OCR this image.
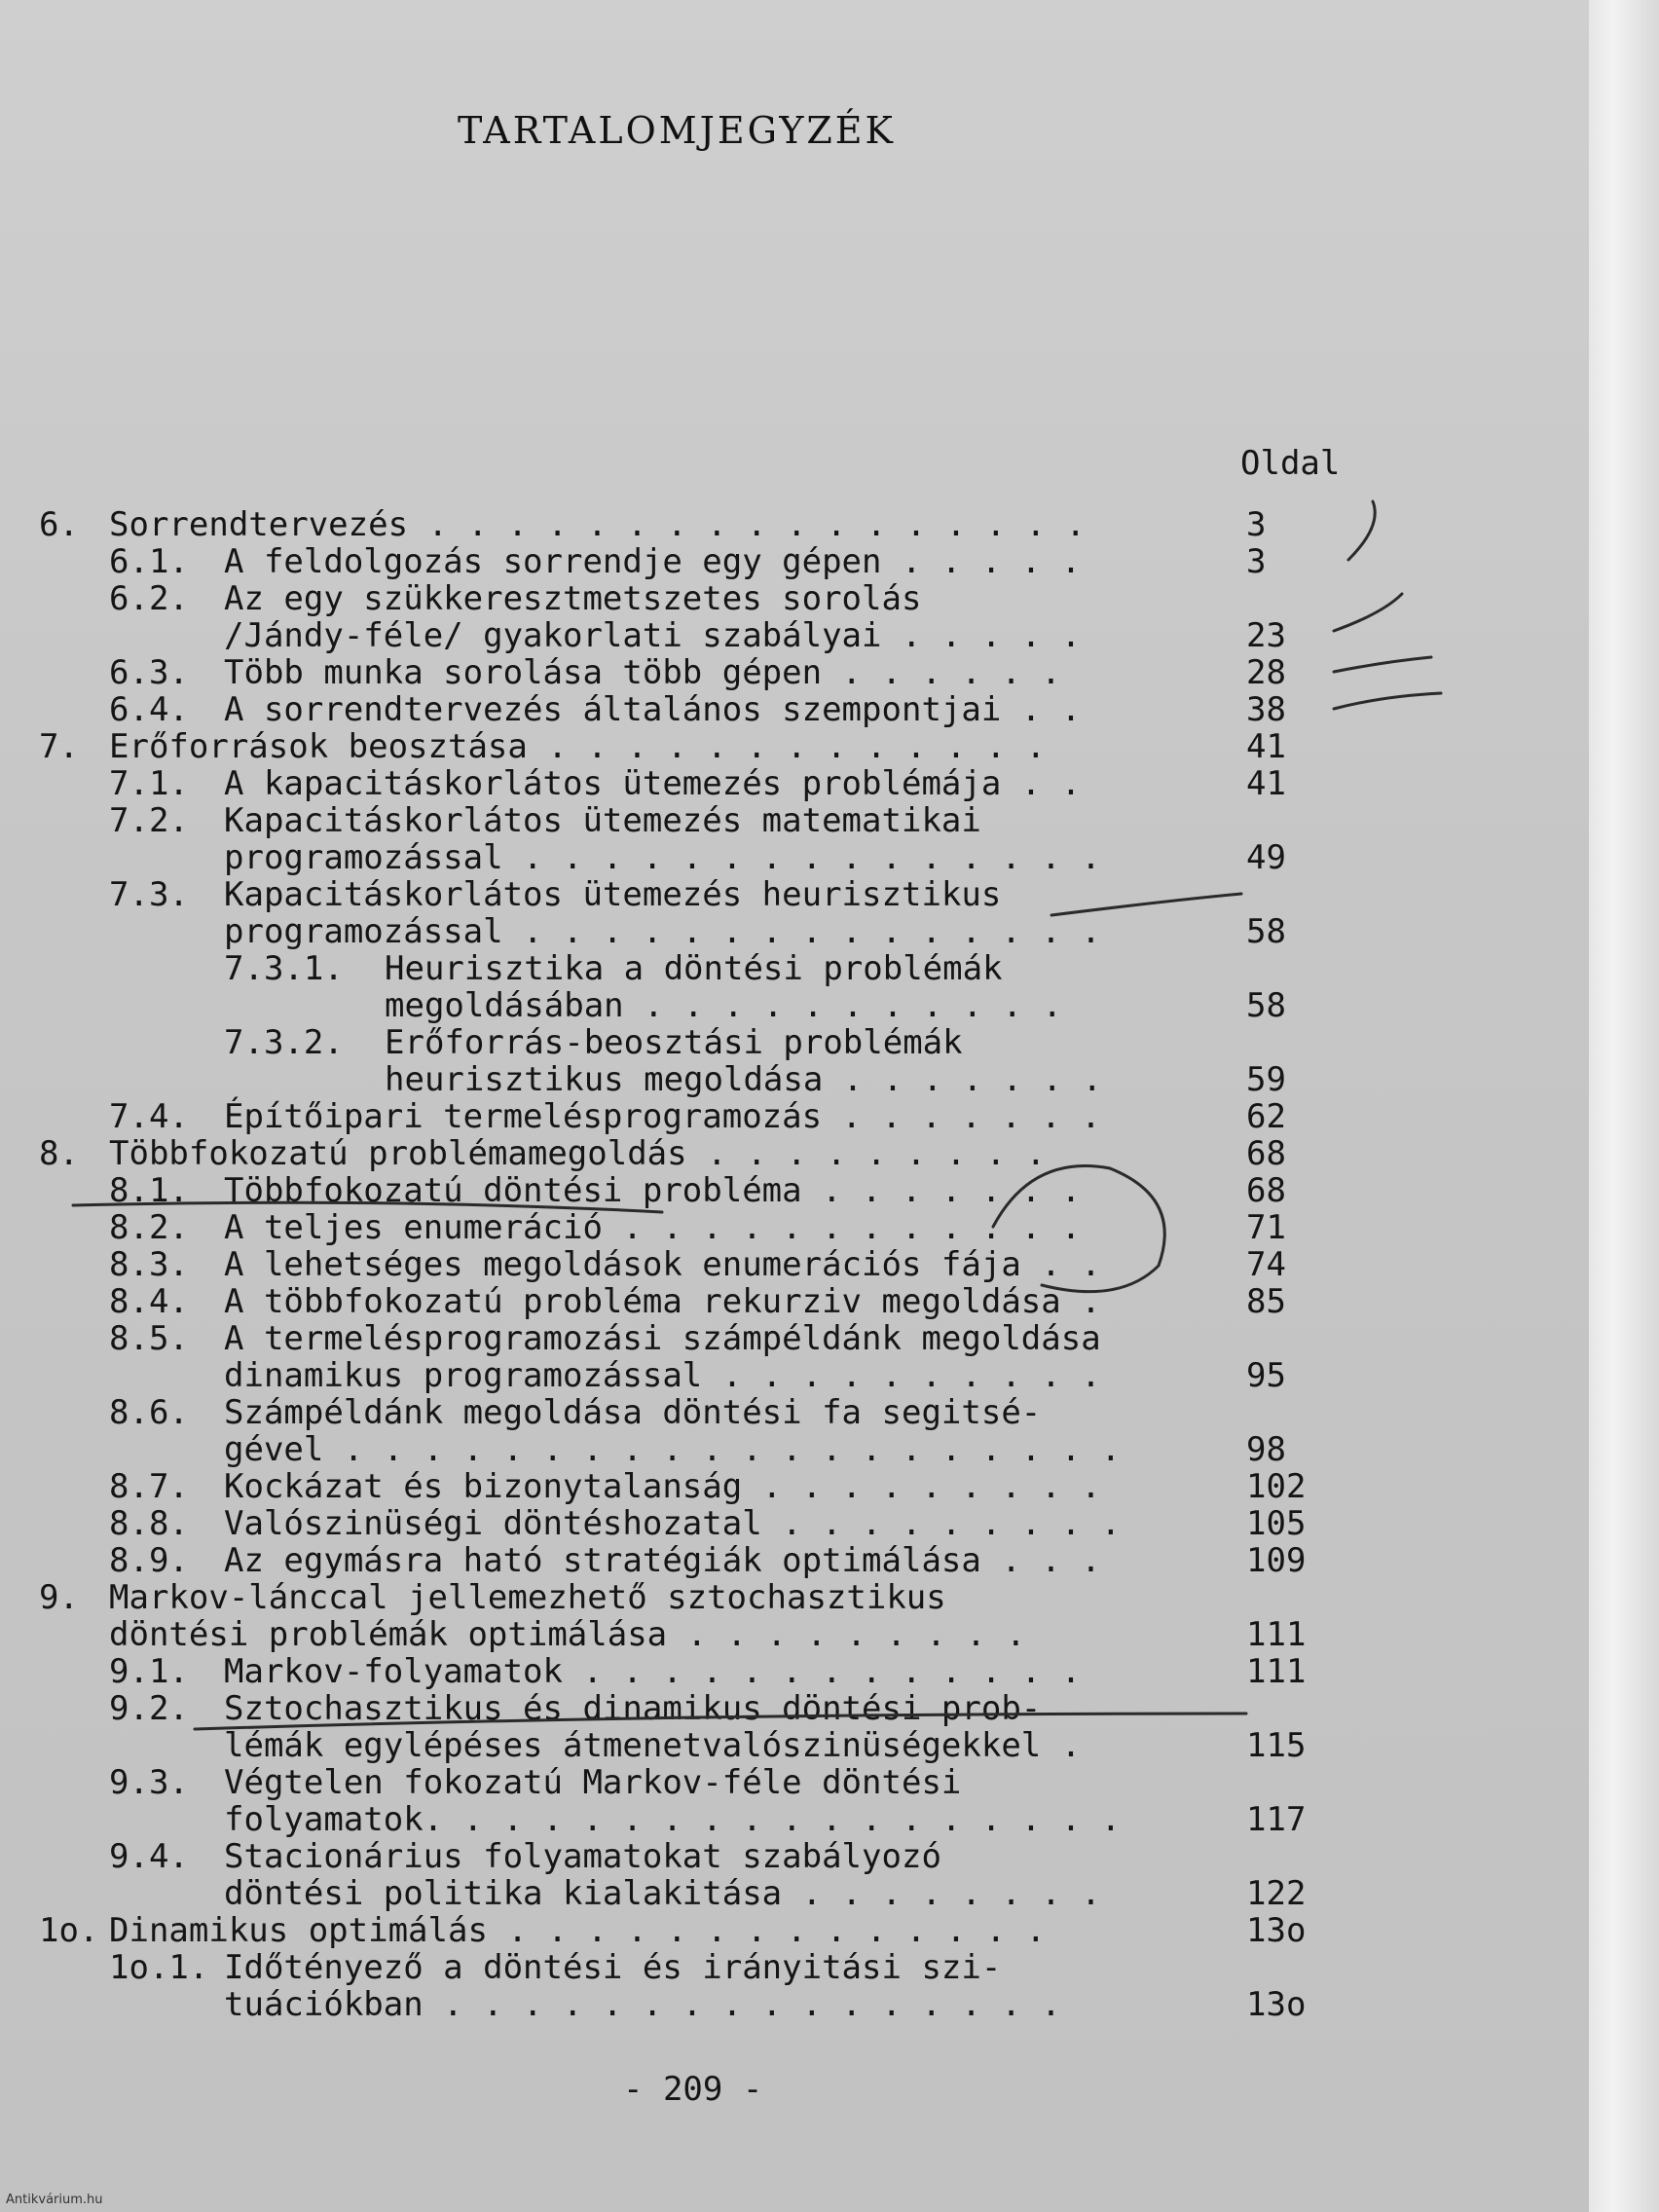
TARTALOMJEGYZÉK
Oldal
6. Sorrendtervezés . . . . . . . . . . . . . . . . .	3
6.1. A feldolgozás sorrendje egy gépen . . . . .	3
6.2. Az egy szükkeresztmetszetes sorolás
/Jándy-féle/ gyakorlati szabályai . . . . .	23
6.3. Több munka sorolása több gépen . . . . . .	28
6.4. A sorrendtervezés általános szempontjai . .	38
7. Erőforrások beosztása . . . . . . . . . . . . .	41
7.1. A kapacitáskorlátos ütemezés problémája . .	41
7.2. Kapacitáskorlátos ütemezés matematikai
programozással . . . . . . . . . . . . . . .	49
7.3. Kapacitáskorlátos ütemezés heurisztikus
programozással . . . . . . . . . . . . . . .	58
7.3.1. Heurisztika a döntési problémák
megoldásában . . . . . . . . . . .	58
7.3.2. Erőforrás-beosztási problémák
heurisztikus megoldása . . . . . . .	59
7.4. Építőipari termelésprogramozás . . . . . . .	62
8. Többfokozatú problémamegoldás . . . . . . . . .	68
8.1. Többfokozatú döntési probléma . . . . . . .	68
8.2. A teljes enumeráció . . . . . . . . . . . .	71
8.3. A lehetséges megoldások enumerációs fája . .	74
8.4. A többfokozatú probléma rekurziv megoldása .	85
8.5. A termelésprogramozási számpéldánk megoldása
dinamikus programozással . . . . . . . . . .	95
8.6. Számpéldánk megoldása döntési fa segitsé-
gével . . . . . . . . . . . . . . . . . . . .	98
8.7. Kockázat és bizonytalanság . . . . . . . . .	102
8.8. Valószinüségi döntéshozatal . . . . . . . . .	105
8.9. Az egymásra ható stratégiák optimálása . . .	109
9. Markov-lánccal jellemezhető sztochasztikus
döntési problémák optimálása . . . . . . . . .	111
9.1. Markov-folyamatok . . . . . . . . . . . . .	111
9.2. Sztochasztikus és dinamikus döntési prob-
lémák egylépéses átmenetvalószinüségekkel .	115
9.3. Végtelen fokozatú Markov-féle döntési
folyamatok. . . . . . . . . . . . . . . . . .	117
9.4. Stacionárius folyamatokat szabályozó
döntési politika kialakitása . . . . . . . .	122
1o. Dinamikus optimálás . . . . . . . . . . . . . .	13o
1o.1. Időtényező a döntési és irányitási szi-
tuációkban . . . . . . . . . . . . . . . .	13o
- 209 -
Antikvárium.hu
